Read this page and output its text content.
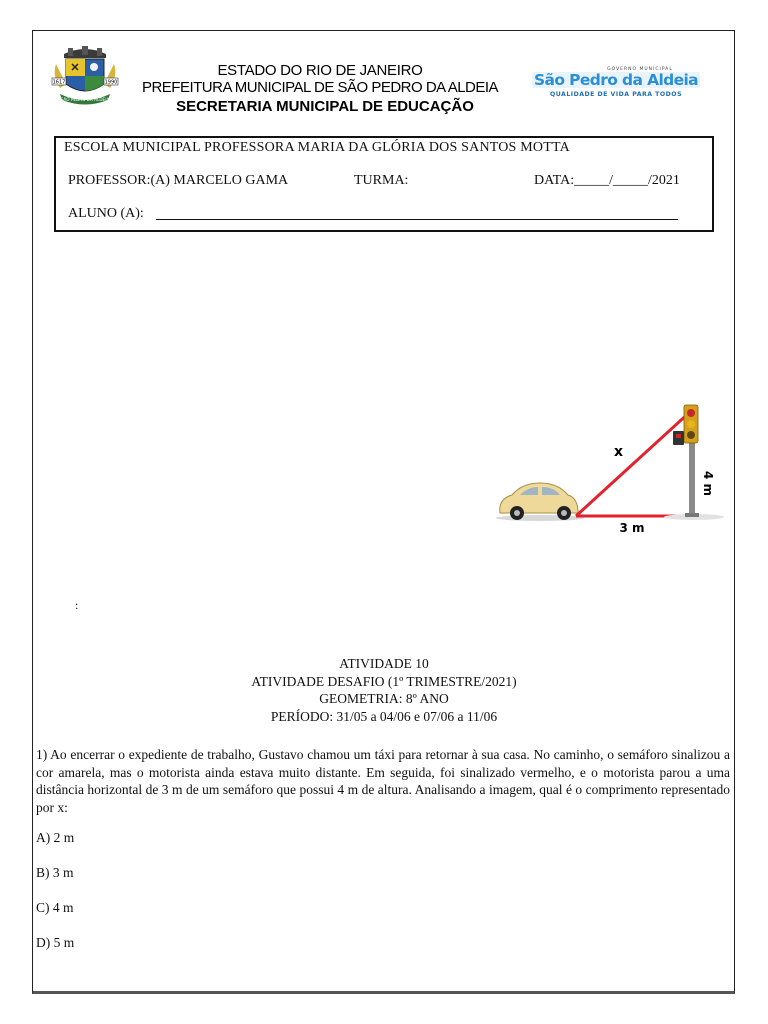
1617	1990
SÃO PEDRO DA ALDEIA
ESTADO DO RIO DE JANEIRO
PREFEITURA MUNICIPAL DE SÃO PEDRO DA ALDEIA
SECRETARIA MUNICIPAL DE EDUCAÇÃO
GOVERNO MUNICIPAL
São Pedro da Aldeia
QUALIDADE DE VIDA PARA TODOS
ESCOLA MUNICIPAL PROFESSORA MARIA DA GLÓRIA DOS SANTOS MOTTA
PROFESSOR:(A) MARCELO GAMA	TURMA:	DATA:_____/_____/2021
ALUNO (A):
x
4 m
3 m
:
ATIVIDADE 10
ATIVIDADE DESAFIO (1º TRIMESTRE/2021)
GEOMETRIA: 8º ANO
PERÍODO: 31/05 a 04/06 e 07/06 a 11/06
1) Ao encerrar o expediente de trabalho, Gustavo chamou um táxi para retornar à sua casa. No caminho, o semáforo sinalizou a cor amarela, mas o motorista ainda estava muito distante. Em seguida, foi sinalizado vermelho, e o motorista parou a uma distância horizontal de 3 m de um semáforo que possui 4 m de altura. Analisando a imagem, qual é o comprimento representado por x:
A) 2 m
B) 3 m
C) 4 m
D) 5 m
